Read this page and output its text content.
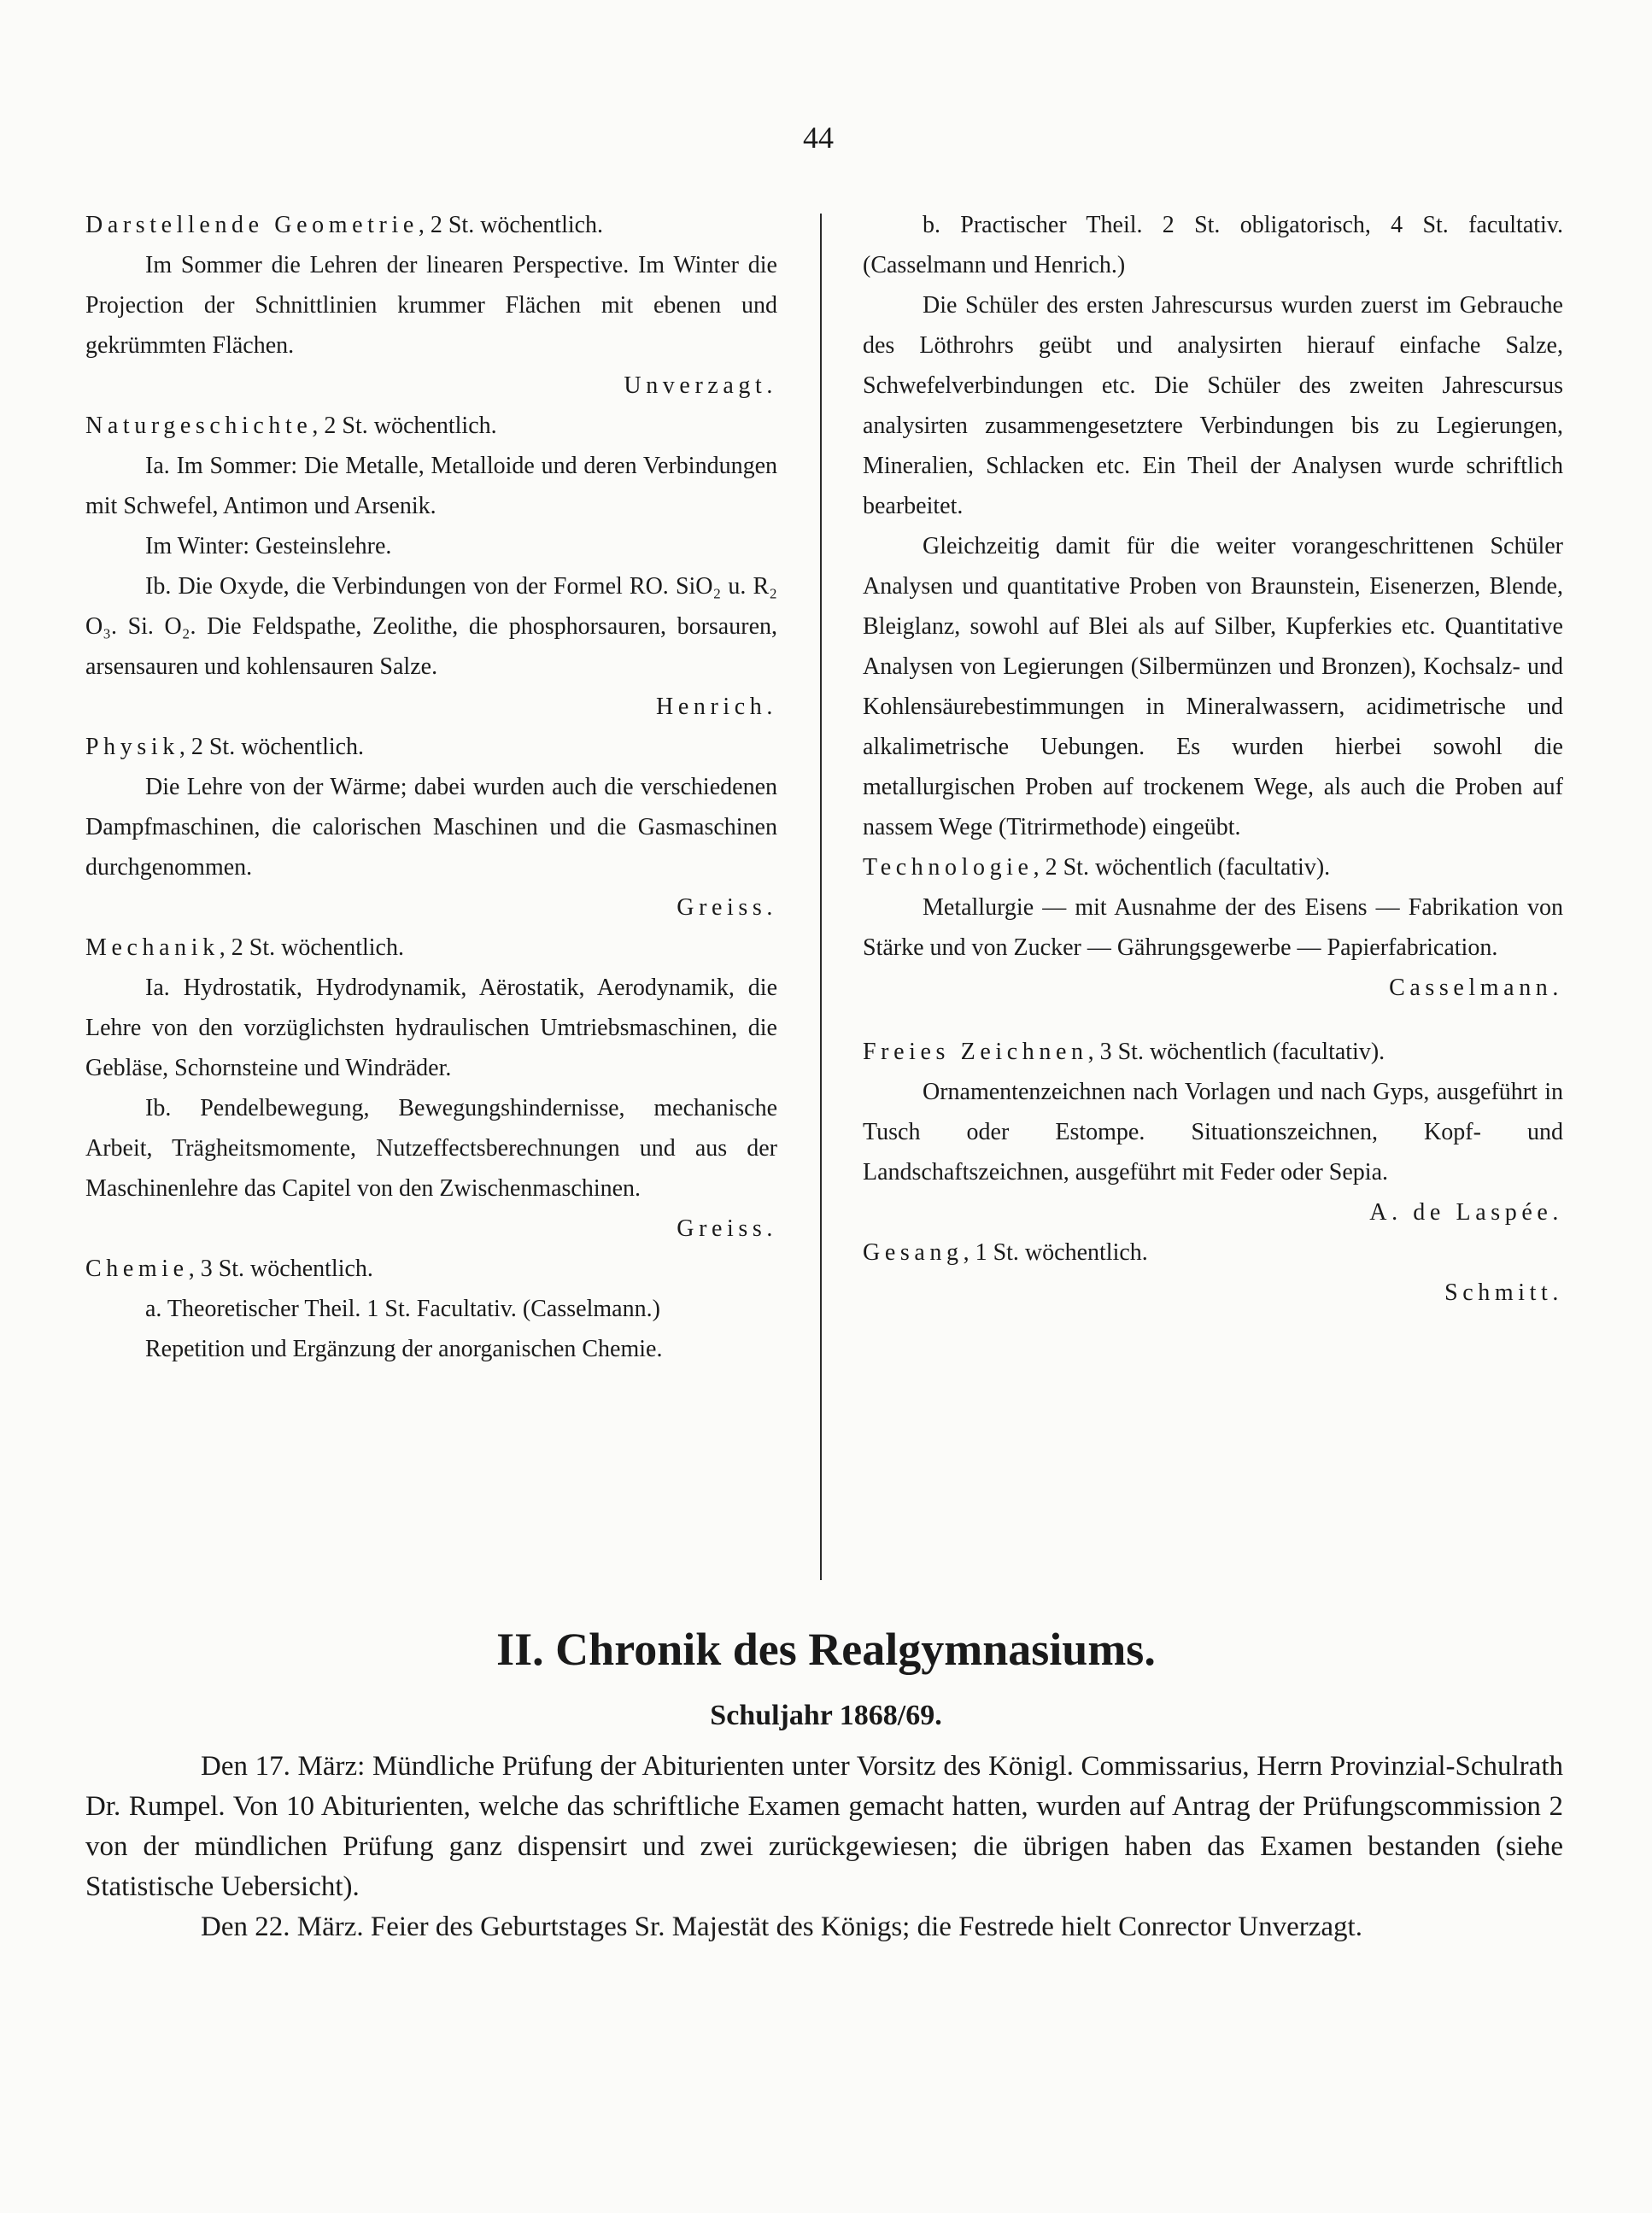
44

Darstellende Geometrie, 2 St. wöchentlich.

Im Sommer die Lehren der linearen Perspective. Im Winter die Projection der Schnittlinien krummer Flächen mit ebenen und gekrümmten Flächen.

Unverzagt.

Naturgeschichte, 2 St. wöchentlich.

Ia. Im Sommer: Die Metalle, Metalloide und deren Verbindungen mit Schwefel, Antimon und Arsenik.

Im Winter: Gesteinslehre.

Ib. Die Oxyde, die Verbindungen von der Formel RO. SiO₂ u. R₂ O₃. Si. O₂. Die Feldspathe, Zeolithe, die phosphorsauren, borsauren, arsensauren und kohlensauren Salze.

Henrich.

Physik, 2 St. wöchentlich.

Die Lehre von der Wärme; dabei wurden auch die verschiedenen Dampfmaschinen, die calorischen Maschinen und die Gasmaschinen durchgenommen.

Greiss.

Mechanik, 2 St. wöchentlich.

Ia. Hydrostatik, Hydrodynamik, Aërostatik, Aerodynamik, die Lehre von den vorzüglichsten hydraulischen Umtriebsmaschinen, die Gebläse, Schornsteine und Windräder.

Ib. Pendelbewegung, Bewegungshindernisse, mechanische Arbeit, Trägheitsmomente, Nutzeffectsberechnungen und aus der Maschinenlehre das Capitel von den Zwischenmaschinen.

Greiss.

Chemie, 3 St. wöchentlich.

a. Theoretischer Theil. 1 St. Facultativ. (Casselmann.)

Repetition und Ergänzung der anorganischen Chemie.

b. Practischer Theil. 2 St. obligatorisch, 4 St. facultativ. (Casselmann und Henrich.)

Die Schüler des ersten Jahrescursus wurden zuerst im Gebrauche des Löthrohrs geübt und analysirten hierauf einfache Salze, Schwefelverbindungen etc. Die Schüler des zweiten Jahrescursus analysirten zusammengesetztere Verbindungen bis zu Legierungen, Mineralien, Schlacken etc. Ein Theil der Analysen wurde schriftlich bearbeitet.

Gleichzeitig damit für die weiter vorangeschrittenen Schüler Analysen und quantitative Proben von Braunstein, Eisenerzen, Blende, Bleiglanz, sowohl auf Blei als auf Silber, Kupferkies etc. Quantitative Analysen von Legierungen (Silbermünzen und Bronzen), Kochsalz- und Kohlensäurebestimmungen in Mineralwassern, acidimetrische und alkalimetrische Uebungen. Es wurden hierbei sowohl die metallurgischen Proben auf trockenem Wege, als auch die Proben auf nassem Wege (Titrirmethode) eingeübt.

Technologie, 2 St. wöchentlich (facultativ).

Metallurgie — mit Ausnahme der des Eisens — Fabrikation von Stärke und von Zucker — Gährungsgewerbe — Papierfabrication.

Casselmann.

Freies Zeichnen, 3 St. wöchentlich (facultativ).

Ornamentenzeichnen nach Vorlagen und nach Gyps, ausgeführt in Tusch oder Estompe. Situationszeichnen, Kopf- und Landschaftszeichnen, ausgeführt mit Feder oder Sepia.

A. de Laspée.

Gesang, 1 St. wöchentlich.

Schmitt.

II. Chronik des Realgymnasiums.
Schuljahr 1868/69.

Den 17. März: Mündliche Prüfung der Abiturienten unter Vorsitz des Königl. Commissarius, Herrn Provinzial-Schulrath Dr. Rumpel. Von 10 Abiturienten, welche das schriftliche Examen gemacht hatten, wurden auf Antrag der Prüfungscommission 2 von der mündlichen Prüfung ganz dispensirt und zwei zurückgewiesen; die übrigen haben das Examen bestanden (siehe Statistische Uebersicht).

Den 22. März. Feier des Geburtstages Sr. Majestät des Königs; die Festrede hielt Conrector Unverzagt.
